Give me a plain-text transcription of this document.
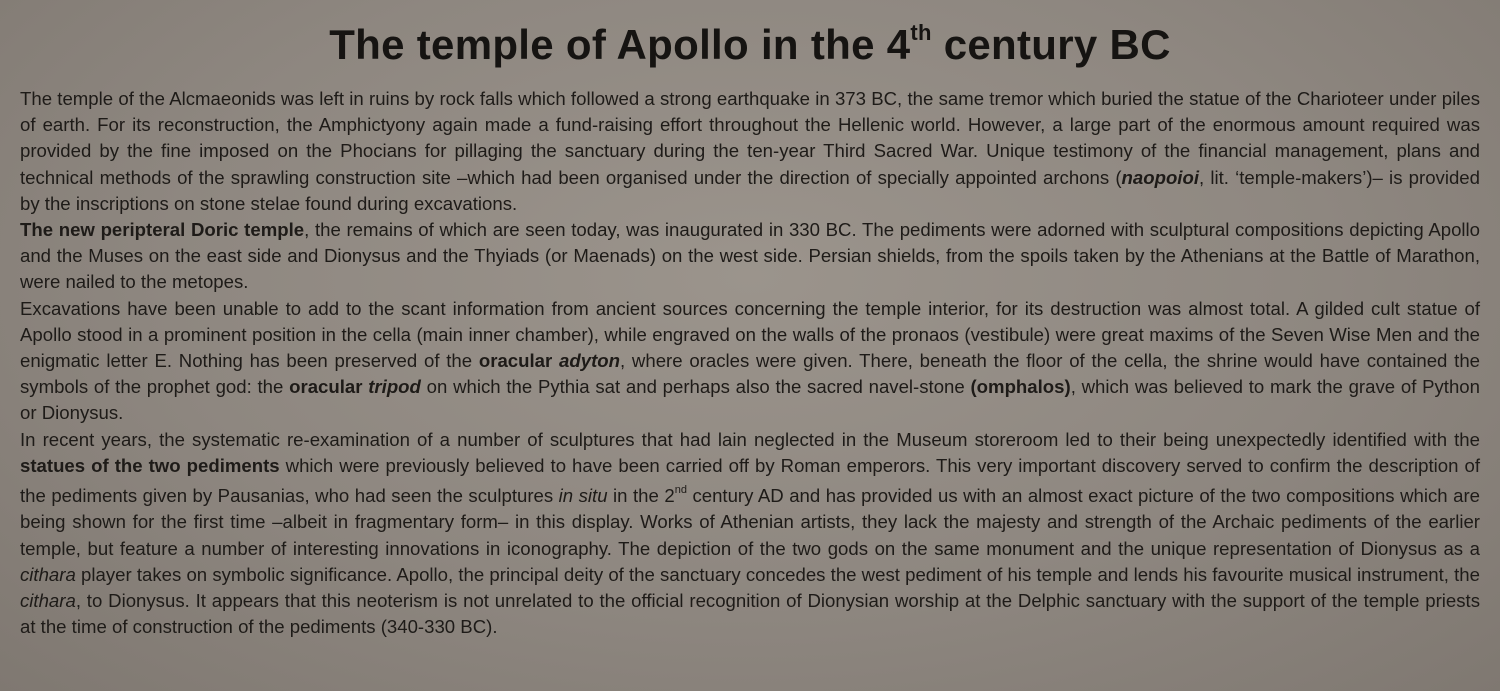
The temple of Apollo in the 4th century BC

The temple of the Alcmaeonids was left in ruins by rock falls which followed a strong earthquake in 373 BC, the same tremor which buried the statue of the Charioteer under piles of earth. For its reconstruction, the Amphictyony again made a fund-raising effort throughout the Hellenic world. However, a large part of the enormous amount required was provided by the fine imposed on the Phocians for pillaging the sanctuary during the ten-year Third Sacred War. Unique testimony of the financial management, plans and technical methods of the sprawling construction site –which had been organised under the direction of specially appointed archons (naopoioi, lit. ‘temple-makers’)– is provided by the inscriptions on stone stelae found during excavations.

The new peripteral Doric temple, the remains of which are seen today, was inaugurated in 330 BC. The pediments were adorned with sculptural compositions depicting Apollo and the Muses on the east side and Dionysus and the Thyiads (or Maenads) on the west side. Persian shields, from the spoils taken by the Athenians at the Battle of Marathon, were nailed to the metopes.

Excavations have been unable to add to the scant information from ancient sources concerning the temple interior, for its destruction was almost total. A gilded cult statue of Apollo stood in a prominent position in the cella (main inner chamber), while engraved on the walls of the pronaos (vestibule) were great maxims of the Seven Wise Men and the enigmatic letter E. Nothing has been preserved of the oracular adyton, where oracles were given. There, beneath the floor of the cella, the shrine would have contained the symbols of the prophet god: the oracular tripod on which the Pythia sat and perhaps also the sacred navel-stone (omphalos), which was believed to mark the grave of Python or Dionysus.

In recent years, the systematic re-examination of a number of sculptures that had lain neglected in the Museum storeroom led to their being unexpectedly identified with the statues of the two pediments which were previously believed to have been carried off by Roman emperors. This very important discovery served to confirm the description of the pediments given by Pausanias, who had seen the sculptures in situ in the 2nd century AD and has provided us with an almost exact picture of the two compositions which are being shown for the first time –albeit in fragmentary form– in this display. Works of Athenian artists, they lack the majesty and strength of the Archaic pediments of the earlier temple, but feature a number of interesting innovations in iconography. The depiction of the two gods on the same monument and the unique representation of Dionysus as a cithara player takes on symbolic significance. Apollo, the principal deity of the sanctuary concedes the west pediment of his temple and lends his favourite musical instrument, the cithara, to Dionysus. It appears that this neoterism is not unrelated to the official recognition of Dionysian worship at the Delphic sanctuary with the support of the temple priests at the time of construction of the pediments (340-330 BC).
